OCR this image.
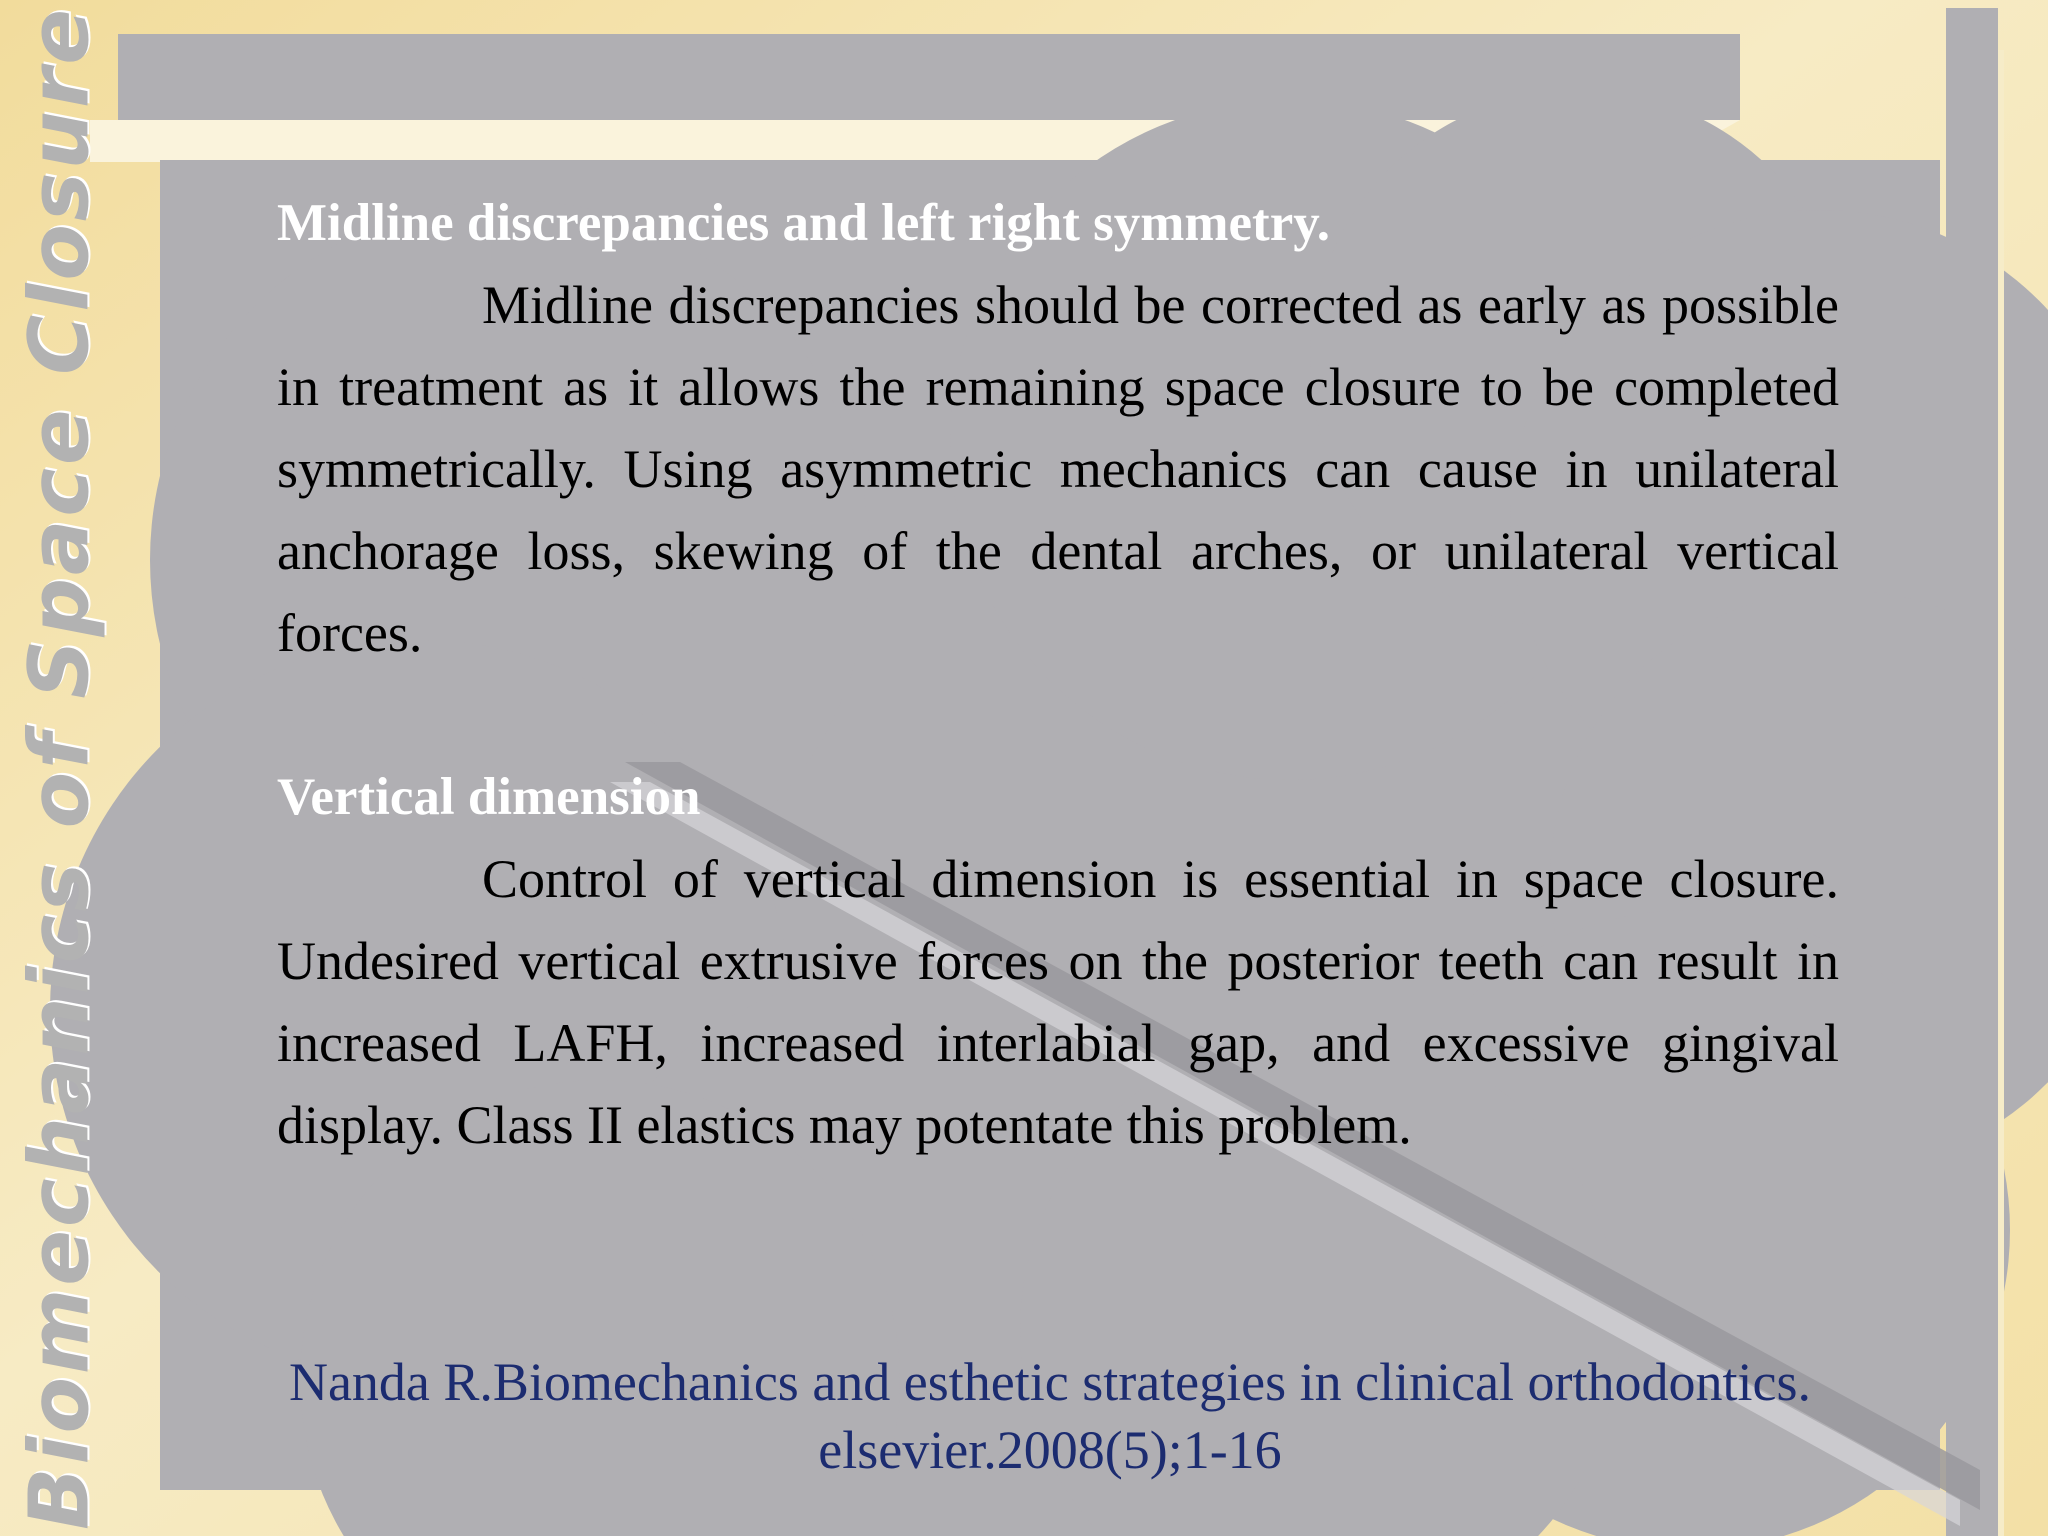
Biomechanics of Space Closure	Midline discrepancies and left right symmetry.

Midline discrepancies should be corrected as early as possible in treatment as it allows the remaining space closure to be completed symmetrically. Using asymmetric mechanics can cause in unilateral anchorage loss, skewing of the dental arches, or unilateral vertical forces.

Vertical dimension

Control of vertical dimension is essential in space closure. Undesired vertical extrusive forces on the posterior teeth can result in increased LAFH, increased interlabial gap, and excessive gingival display. Class II elastics may potentate this problem.

Nanda R.Biomechanics and esthetic strategies in clinical orthodontics.
elsevier.2008(5);1-16
